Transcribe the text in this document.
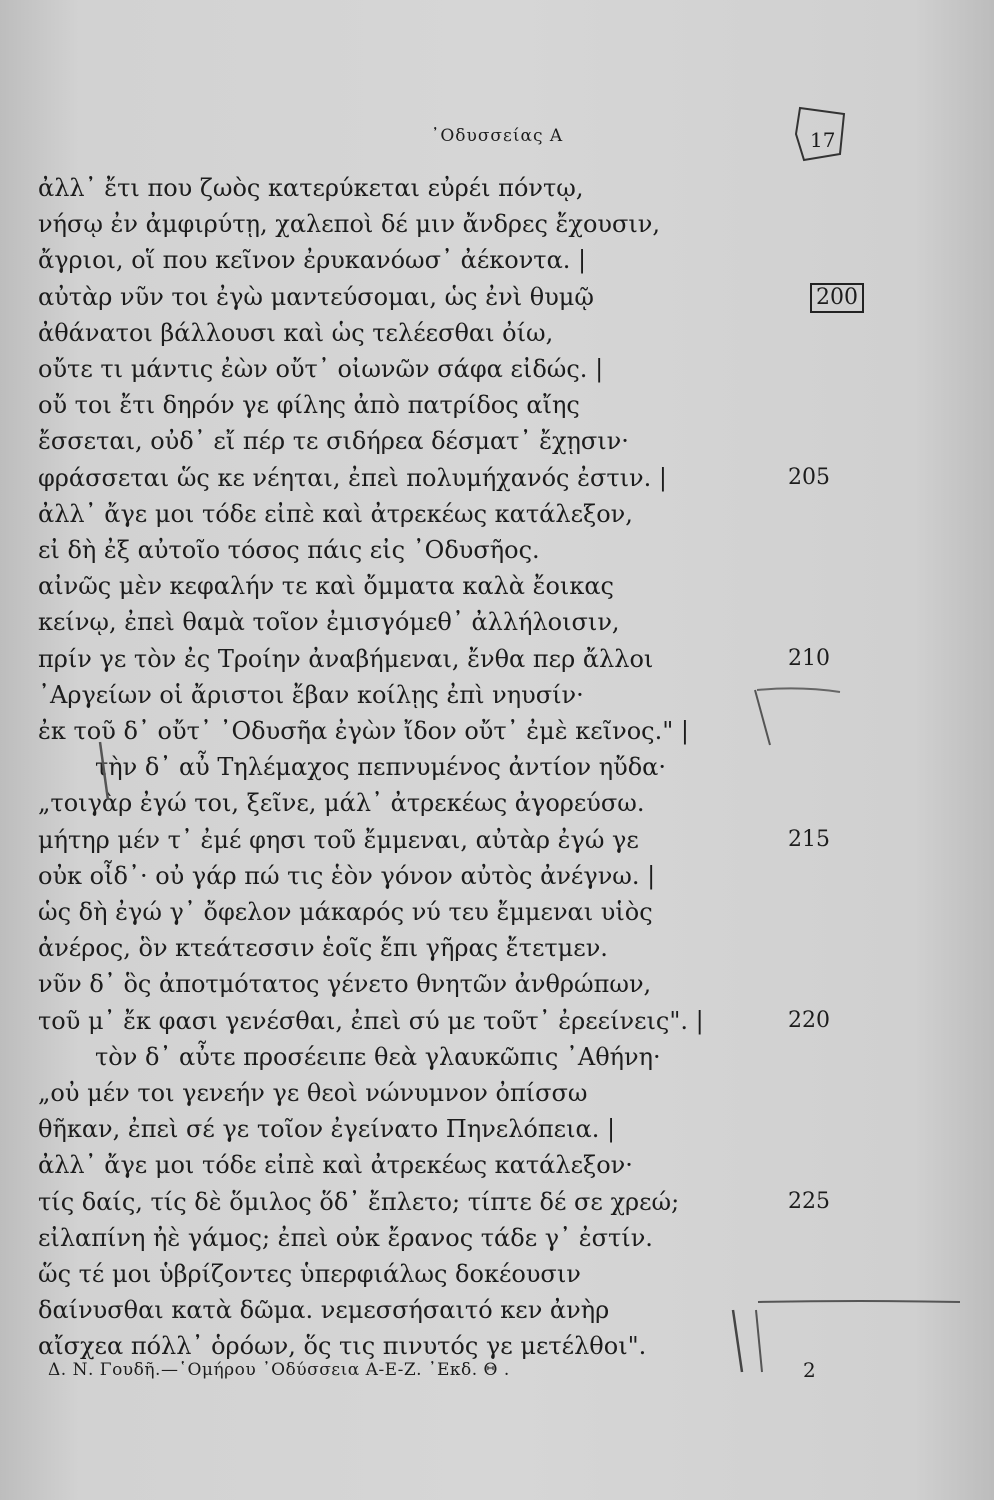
᾿Οδυσσείας Α	17
ἀλλ᾿ ἔτι που ζωὸς κατερύκεται εὐρέι πόντῳ,
νήσῳ ἐν ἀμφιρύτῃ, χαλεποὶ δέ μιν ἄνδρες ἔχουσιν,
ἄγριοι, οἵ που κεῖνον ἐρυκανόωσ᾿ ἀέκοντα. |
αὐτὰρ νῦν τοι ἐγὼ μαντεύσομαι, ὡς ἐνὶ θυμῷ	200
ἀθάνατοι βάλλουσι καὶ ὡς τελέεσθαι ὀίω,
οὔτε τι μάντις ἐὼν οὔτ᾿ οἰωνῶν σάφα εἰδώς. |
οὔ τοι ἔτι δηρόν γε φίλης ἀπὸ πατρίδος αἴης
ἔσσεται, οὐδ᾿ εἴ πέρ τε σιδήρεα δέσματ᾿ ἔχῃσιν·
φράσσεται ὥς κε νέηται, ἐπεὶ πολυμήχανός ἐστιν. |	205
ἀλλ᾿ ἄγε μοι τόδε εἰπὲ καὶ ἀτρεκέως κατάλεξον,
εἰ δὴ ἐξ αὐτοῖο τόσος πάις εἰς ᾿Οδυσῆος.
αἰνῶς μὲν κεφαλήν τε καὶ ὄμματα καλὰ ἔοικας
κείνῳ, ἐπεὶ θαμὰ τοῖον ἐμισγόμεθ᾿ ἀλλήλοισιν,
πρίν γε τὸν ἐς Τροίην ἀναβήμεναι, ἔνθα περ ἄλλοι	210
᾿Αργείων οἱ ἄριστοι ἔβαν κοίλῃς ἐπὶ νηυσίν·
ἐκ τοῦ δ᾿ οὔτ᾿ ᾿Οδυσῆα ἐγὼν ἴδον οὔτ᾿ ἐμὲ κεῖνος." |
τὴν δ᾿ αὖ Τηλέμαχος πεπνυμένος ἀντίον ηὔδα·
„τοιγὰρ ἐγώ τοι, ξεῖνε, μάλ᾿ ἀτρεκέως ἀγορεύσω.
μήτηρ μέν τ᾿ ἐμέ φησι τοῦ ἔμμεναι, αὐτὰρ ἐγώ γε	215
οὐκ οἶδ᾿· οὐ γάρ πώ τις ἑὸν γόνον αὐτὸς ἀνέγνω. |
ὡς δὴ ἐγώ γ᾿ ὄφελον μάκαρός νύ τευ ἔμμεναι υἱὸς
ἀνέρος, ὃν κτεάτεσσιν ἑοῖς ἔπι γῆρας ἔτετμεν.
νῦν δ᾿ ὃς ἀποτμότατος γένετο θνητῶν ἀνθρώπων,
τοῦ μ᾿ ἔκ φασι γενέσθαι, ἐπεὶ σύ με τοῦτ᾿ ἐρεείνεις". |	220
τὸν δ᾿ αὖτε προσέειπε θεὰ γλαυκῶπις ᾿Αθήνη·
„οὐ μέν τοι γενεήν γε θεοὶ νώνυμνον ὀπίσσω
θῆκαν, ἐπεὶ σέ γε τοῖον ἐγείνατο Πηνελόπεια. |
ἀλλ᾿ ἄγε μοι τόδε εἰπὲ καὶ ἀτρεκέως κατάλεξον·
τίς δαίς, τίς δὲ ὅμιλος ὅδ᾿ ἔπλετο; τίπτε δέ σε χρεώ;	225
εἰλαπίνη ἠὲ γάμος; ἐπεὶ οὐκ ἔρανος τάδε γ᾿ ἐστίν.
ὥς τέ μοι ὑβρίζοντες ὑπερφιάλως δοκέουσιν
δαίνυσθαι κατὰ δῶμα. νεμεσσήσαιτό κεν ἀνὴρ
αἴσχεα πόλλ᾿ ὁρόων, ὅς τις πινυτός γε μετέλθοι".
Δ. Ν. Γουδῆ.—῾Ομήρου ᾿Οδύσσεια Α-Ε-Ζ. ᾿Εκδ. Θ .	2
